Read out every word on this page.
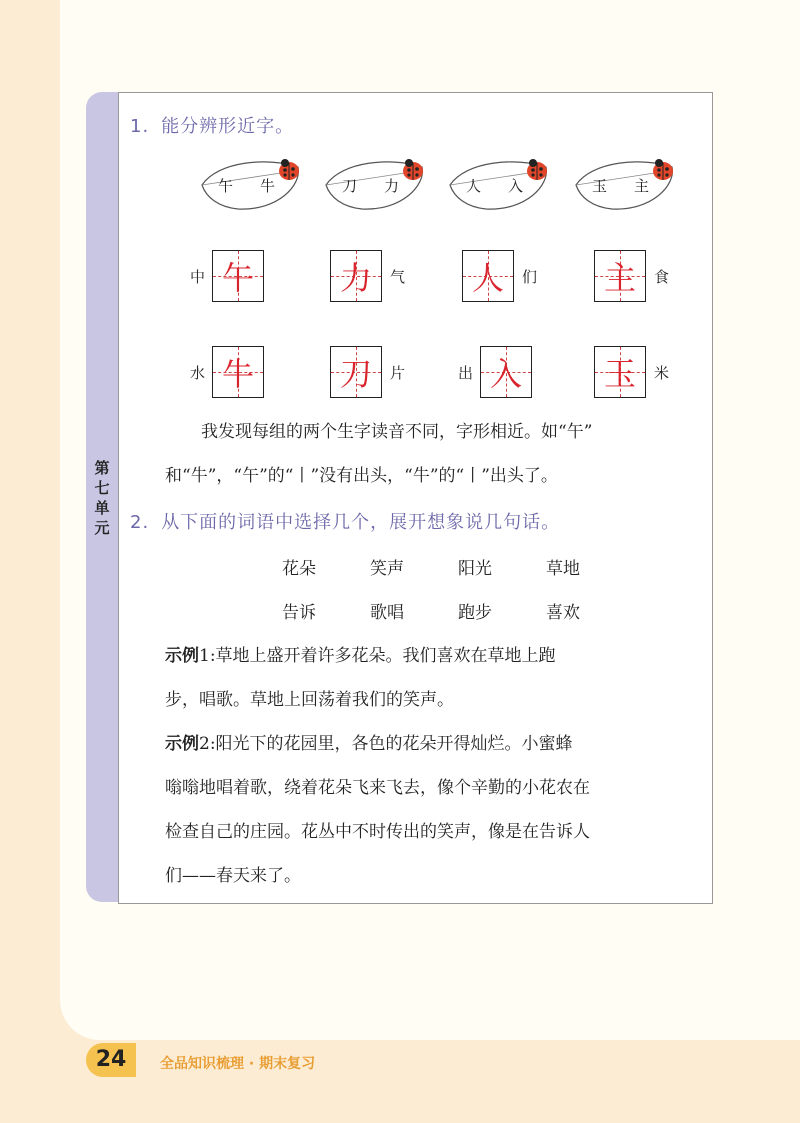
第七单元
1. 能分辨形近字。
午 牛	刀 力	人 入	玉 主
午
中	力	气 人	们 主	食
牛
水	刀	片	入
出	玉	米
我发现每组的两个生字读音不同，字形相近。如“午”
和“牛”，“午”的“丨”没有出头，“牛”的“丨”出头了。
2. 从下面的词语中选择几个，展开想象说几句话。
花朵	笑声	阳光	草地
告诉	歌唱	跑步	喜欢
示例1:草地上盛开着许多花朵。我们喜欢在草地上跑
步，唱歌。草地上回荡着我们的笑声。
示例2:阳光下的花园里，各色的花朵开得灿烂。小蜜蜂
嗡嗡地唱着歌，绕着花朵飞来飞去，像个辛勤的小花农在
检查自己的庄园。花丛中不时传出的笑声，像是在告诉人
们——春天来了。
24	全品知识梳理 · 期末复习
